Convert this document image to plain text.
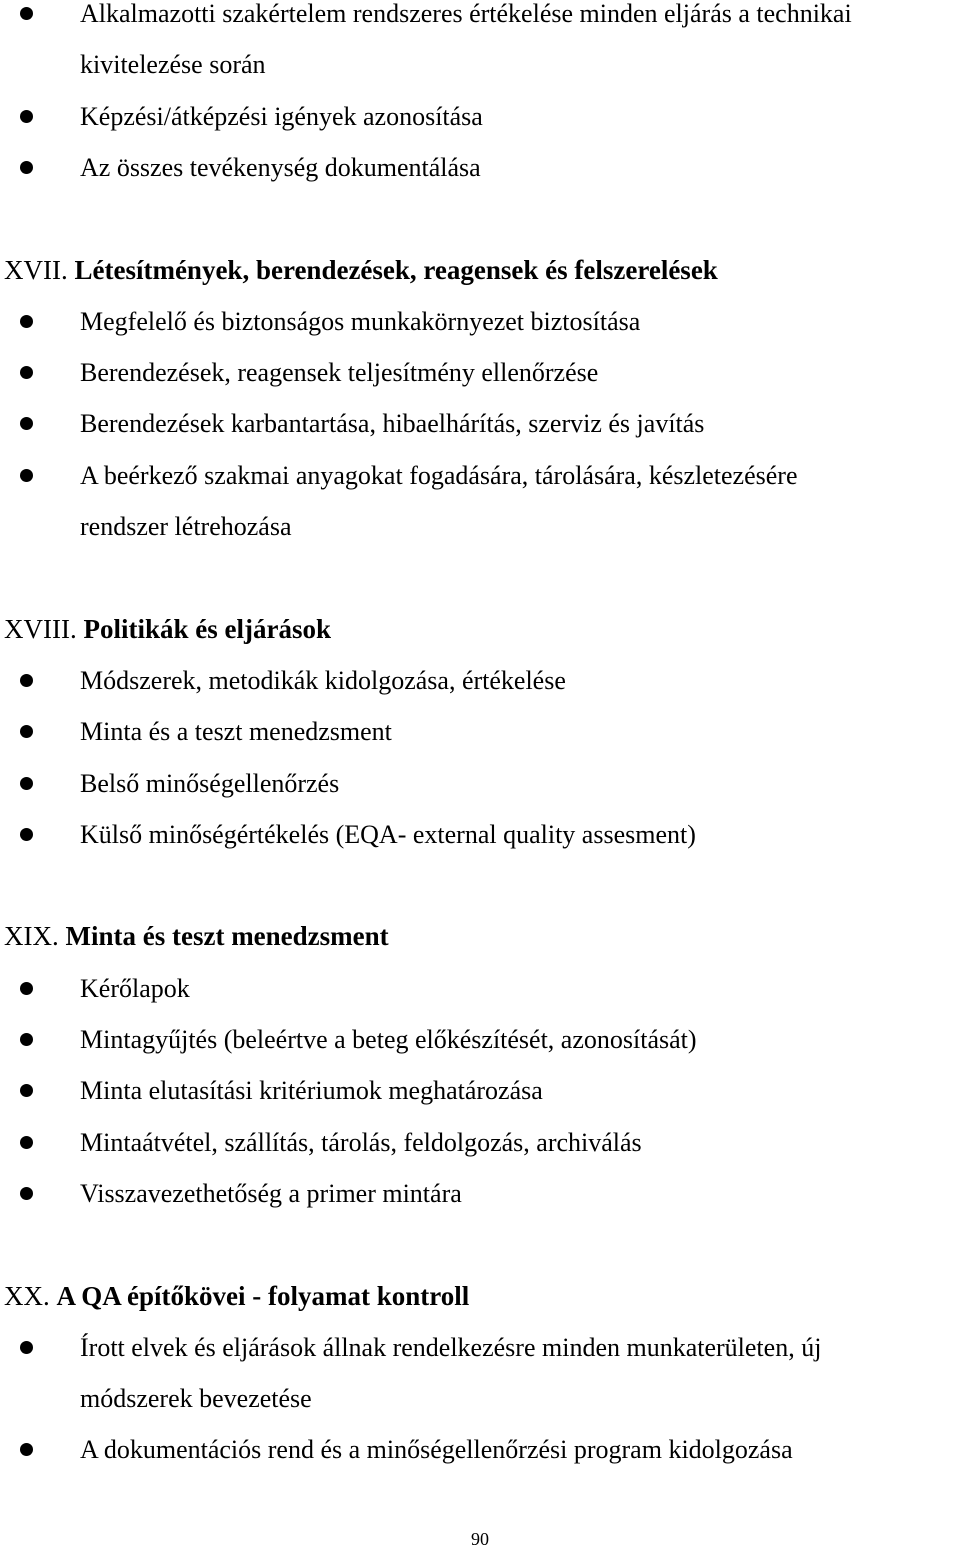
Alkalmazotti szakértelem rendszeres értékelése minden eljárás a technikai
kivitelezése során
Képzési/átképzési igények azonosítása
Az összes tevékenység dokumentálása
XVII. Létesítmények, berendezések, reagensek és felszerelések
Megfelelő és biztonságos munkakörnyezet biztosítása
Berendezések, reagensek teljesítmény ellenőrzése
Berendezések karbantartása, hibaelhárítás, szerviz és javítás
A beérkező szakmai anyagokat fogadására, tárolására, készletezésére
rendszer létrehozása
XVIII. Politikák és eljárások
Módszerek, metodikák kidolgozása, értékelése
Minta és a teszt menedzsment
Belső minőségellenőrzés
Külső minőségértékelés (EQA- external quality assesment)
XIX. Minta és teszt menedzsment
Kérőlapok
Mintagyűjtés (beleértve a beteg előkészítését, azonosítását)
Minta elutasítási kritériumok meghatározása
Mintaátvétel, szállítás, tárolás, feldolgozás, archiválás
Visszavezethetőség a primer mintára
XX. A QA építőkövei - folyamat kontroll
Írott elvek és eljárások állnak rendelkezésre minden munkaterületen, új
módszerek bevezetése
A dokumentációs rend és a minőségellenőrzési program kidolgozása
90
